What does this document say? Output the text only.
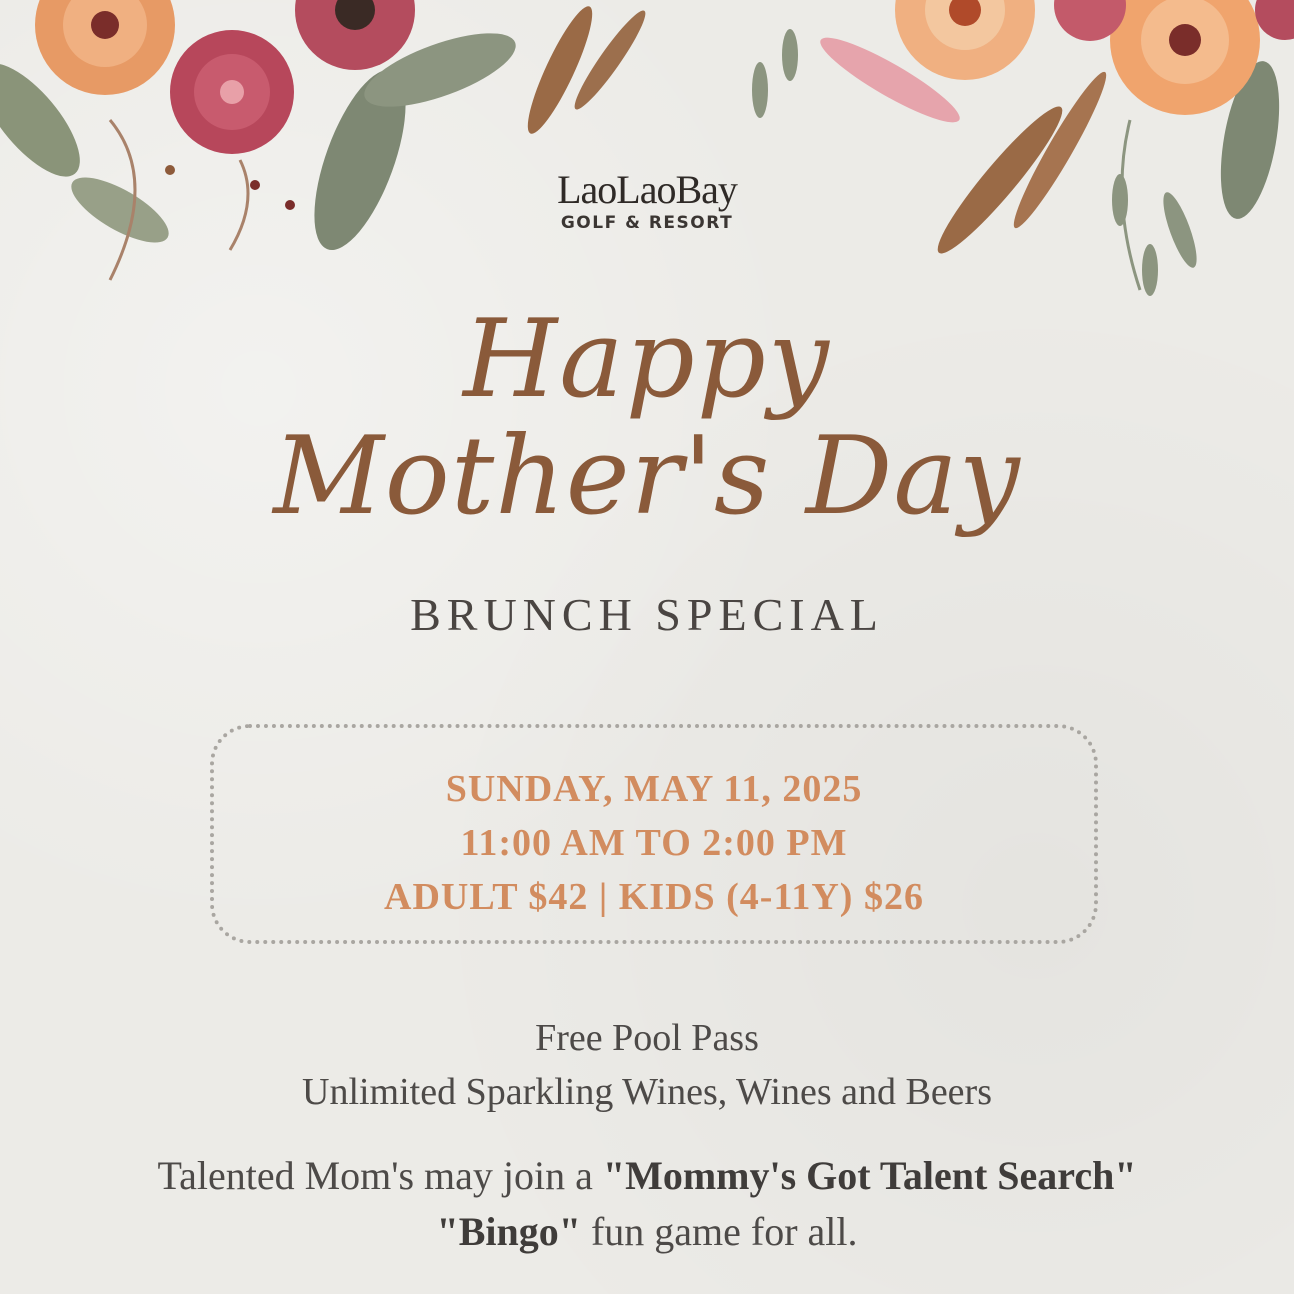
LaoLaoBay
GOLF & RESORT
Happy
Mother's Day
BRUNCH SPECIAL
SUNDAY, MAY 11, 2025
11:00 AM TO 2:00 PM
ADULT $42 | KIDS (4-11Y) $26
Free Pool Pass
Unlimited Sparkling Wines, Wines and Beers
Talented Mom's may join a "Mommy's Got Talent Search"
"Bingo" fun game for all.
